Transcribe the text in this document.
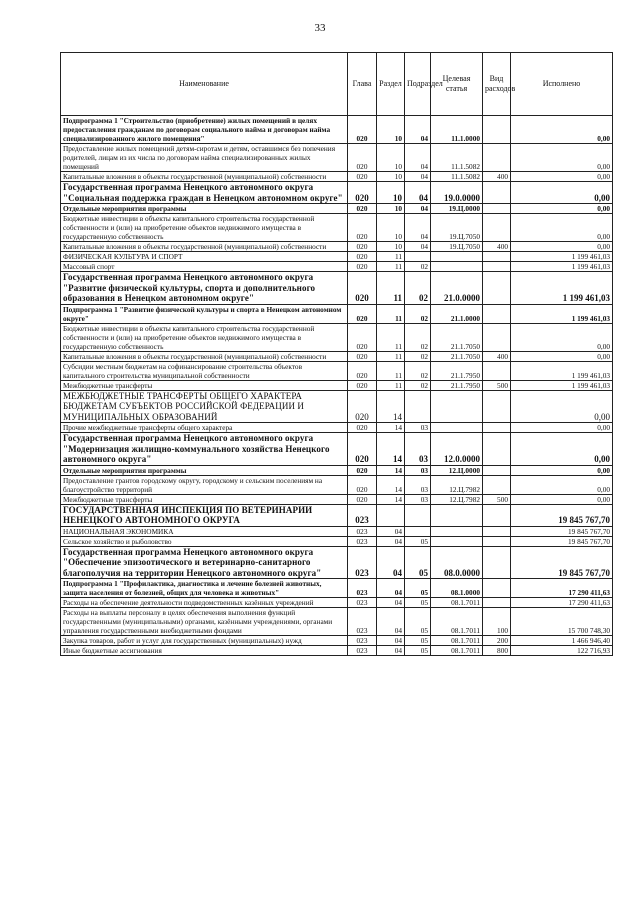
33
Наименование	Глава	Раздел	Подраздел	Целевая статья	Вид расходов	Исполнено
Подпрограмма 1 "Строительство (приобретение) жилых помещений в целях предоставления гражданам по договорам социального найма и договорам найма специализированного жилого помещения"	020	10	04	11.1.0000		0,00
Предоставление жилых помещений детям-сиротам и детям, оставшимся без попечения родителей, лицам из их числа по договорам найма специализированных жилых помещений	020	10	04	11.1.5082		0,00
Капитальные вложения в объекты государственной (муниципальной) собственности	020	10	04	11.1.5082	400	0,00
Государственная программа Ненецкого автономного округа "Социальная поддержка граждан в Ненецком автономном округе"	020	10	04	19.0.0000		0,00
Отдельные мероприятия программы	020	10	04	19.Ц.0000		0,00
Бюджетные инвестиции в объекты капитального строительства государственной собственности и (или) на приобретение объектов недвижимого имущества в государственную собственность	020	10	04	19.Ц.7050		0,00
Капитальные вложения в объекты государственной (муниципальной) собственности	020	10	04	19.Ц.7050	400	0,00
ФИЗИЧЕСКАЯ КУЛЬТУРА И СПОРТ	020	11				1 199 461,03
Массовый спорт	020	11	02			1 199 461,03
Государственная программа Ненецкого автономного округа "Развитие физической культуры, спорта и дополнительного образования в Ненецком автономном округе"	020	11	02	21.0.0000		1 199 461,03
Подпрограмма 1 "Развитие физической культуры и спорта в Ненецком автономном округе"	020	11	02	21.1.0000		1 199 461,03
Бюджетные инвестиции в объекты капитального строительства государственной собственности и (или) на приобретение объектов недвижимого имущества в государственную собственность	020	11	02	21.1.7050		0,00
Капитальные вложения в объекты государственной (муниципальной) собственности	020	11	02	21.1.7050	400	0,00
Субсидии местным бюджетам на софинансирование строительства объектов капитального строительства муниципальной собственности	020	11	02	21.1.7950		1 199 461,03
Межбюджетные трансферты	020	11	02	21.1.7950	500	1 199 461,03
МЕЖБЮДЖЕТНЫЕ ТРАНСФЕРТЫ ОБЩЕГО ХАРАКТЕРА БЮДЖЕТАМ СУБЪЕКТОВ РОССИЙСКОЙ ФЕДЕРАЦИИ И МУНИЦИПАЛЬНЫХ ОБРАЗОВАНИЙ	020	14				0,00
Прочие межбюджетные трансферты общего характера	020	14	03			0,00
Государственная программа Ненецкого автономного округа "Модернизация жилищно-коммунального хозяйства Ненецкого автономного округа"	020	14	03	12.0.0000		0,00
Отдельные мероприятия программы	020	14	03	12.Ц.0000		0,00
Предоставление грантов городскому округу, городскому и сельским поселениям на благоустройство территорий	020	14	03	12.Ц.7982		0,00
Межбюджетные трансферты	020	14	03	12.Ц.7982	500	0,00
ГОСУДАРСТВЕННАЯ ИНСПЕКЦИЯ ПО ВЕТЕРИНАРИИ НЕНЕЦКОГО АВТОНОМНОГО ОКРУГА	023					19 845 767,70
НАЦИОНАЛЬНАЯ ЭКОНОМИКА	023	04				19 845 767,70
Сельское хозяйство и рыболовство	023	04	05			19 845 767,70
Государственная программа Ненецкого автономного округа "Обеспечение эпизоотического и ветеринарно-санитарного благополучия на территории Ненецкого автономного округа"	023	04	05	08.0.0000		19 845 767,70
Подпрограмма 1 "Профилактика, диагностика и лечение болезней животных, защита населения от болезней, общих для человека и животных"	023	04	05	08.1.0000		17 290 411,63
Расходы на обеспечение деятельности подведомственных казённых учреждений	023	04	05	08.1.7011		17 290 411,63
Расходы на выплаты персоналу в целях обеспечения выполнения функций государственными (муниципальными) органами, казёнными учреждениями, органами управления государственными внебюджетными фондами	023	04	05	08.1.7011	100	15 700 748,30
Закупка товаров, работ и услуг для государственных (муниципальных) нужд	023	04	05	08.1.7011	200	1 466 946,40
Иные бюджетные ассигнования	023	04	05	08.1.7011	800	122 716,93
